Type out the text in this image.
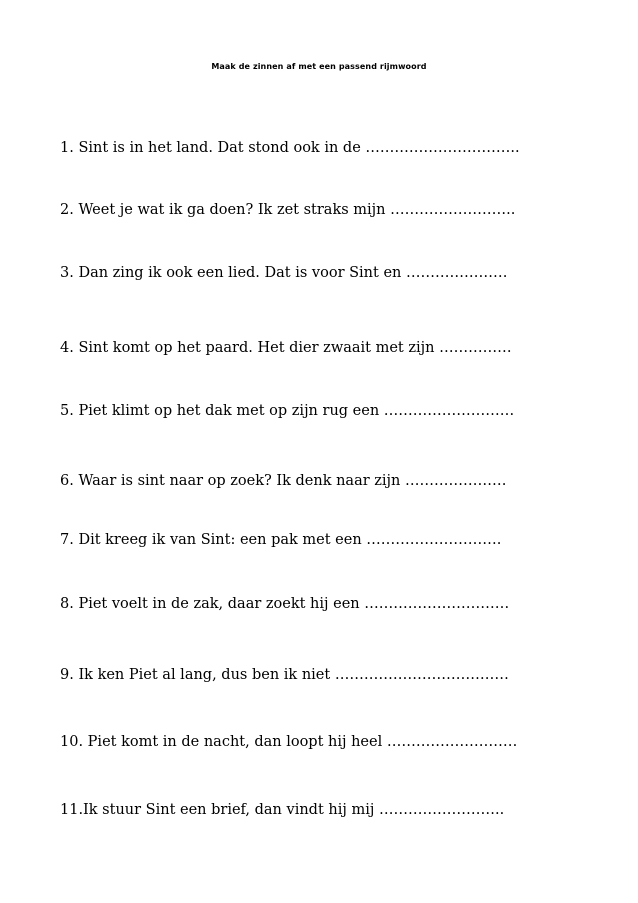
Maak de zinnen af met een passend rijmwoord
1. Sint is in het land. Dat stond ook in de …………………………..
2. Weet je wat ik ga doen? Ik zet straks mijn ……………………..
3. Dan zing ik ook een lied. Dat is voor Sint en …………………
4. Sint komt op het paard. Het dier zwaait met zijn ……………
5. Piet klimt op het dak met op zijn rug een ………………………
6. Waar is sint naar op zoek? Ik denk naar zijn …………………
7. Dit kreeg ik van Sint: een pak met een ……………………….
8. Piet voelt in de zak, daar zoekt hij een …………………………
9. Ik ken Piet al lang, dus ben ik niet ………………………………
10. Piet komt in de nacht, dan loopt hij heel ………………………
11.Ik stuur Sint een brief, dan vindt hij mij ……………………..
